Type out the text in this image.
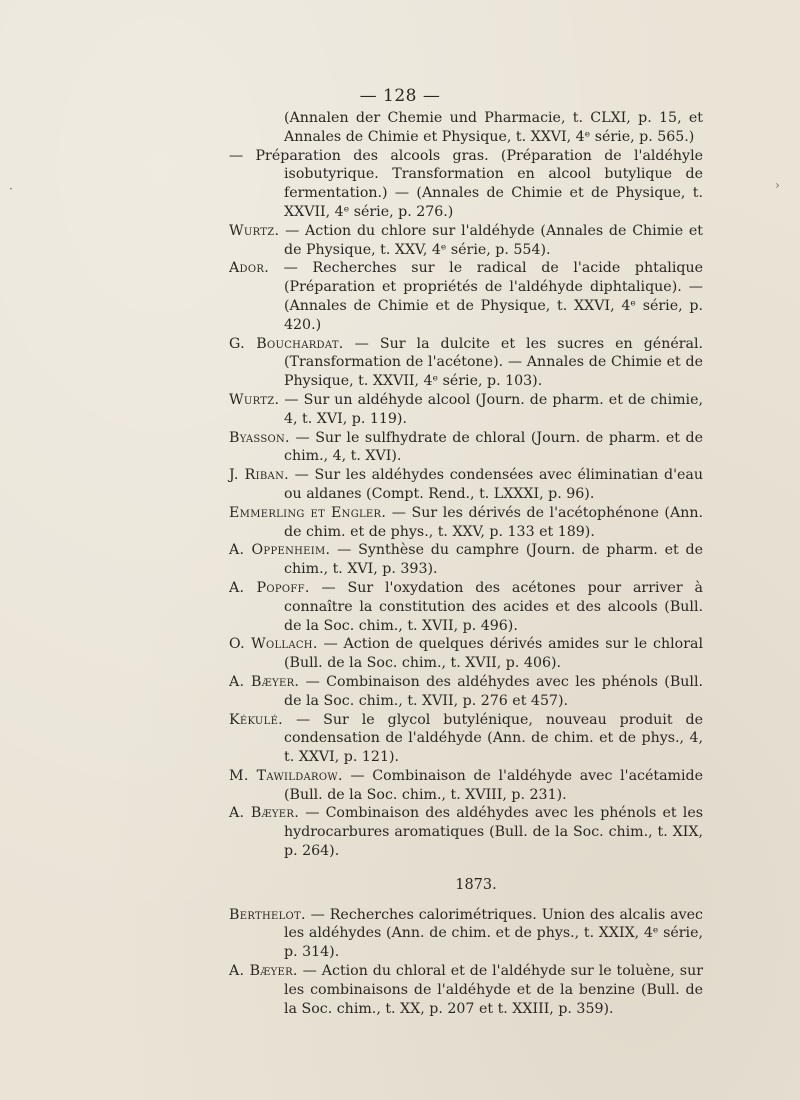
— 128 —

(Annalen der Chemie und Pharmacie, t. CLXI, p. 15, et Annales de Chimie et Physique, t. XXVI, 4ᵉ série, p. 565.)

— Préparation des alcools gras. (Préparation de l'aldéhyle isobutyrique. Transformation en alcool butylique de fermentation.) — (Annales de Chimie et de Physique, t. XXVII, 4ᵉ série, p. 276.)

Wurtz. — Action du chlore sur l'aldéhyde (Annales de Chimie et de Physique, t. XXV, 4ᵉ série, p. 554).

Ador. — Recherches sur le radical de l'acide phtalique (Préparation et propriétés de l'aldéhyde diphtalique). — (Annales de Chimie et de Physique, t. XXVI, 4ᵉ série, p. 420.)

G. Bouchardat. — Sur la dulcite et les sucres en général. (Transformation de l'acétone). — Annales de Chimie et de Physique, t. XXVII, 4ᵉ série, p. 103).

Wurtz. — Sur un aldéhyde alcool (Journ. de pharm. et de chimie, 4, t. XVI, p. 119).

Byasson. — Sur le sulfhydrate de chloral (Journ. de pharm. et de chim., 4, t. XVI).

J. Riban. — Sur les aldéhydes condensées avec éliminatian d'eau ou aldanes (Compt. Rend., t. LXXXI, p. 96).

Emmerling et Engler. — Sur les dérivés de l'acétophénone (Ann. de chim. et de phys., t. XXV, p. 133 et 189).

A. Oppenheim. — Synthèse du camphre (Journ. de pharm. et de chim., t. XVI, p. 393).

A. Popoff. — Sur l'oxydation des acétones pour arriver à connaître la constitution des acides et des alcools (Bull. de la Soc. chim., t. XVII, p. 496).

O. Wollach. — Action de quelques dérivés amides sur le chloral (Bull. de la Soc. chim., t. XVII, p. 406).

A. Bæyer. — Combinaison des aldéhydes avec les phénols (Bull. de la Soc. chim., t. XVII, p. 276 et 457).

Kékulé. — Sur le glycol butylénique, nouveau produit de condensation de l'aldéhyde (Ann. de chim. et de phys., 4, t. XXVI, p. 121).

M. Tawildarow. — Combinaison de l'aldéhyde avec l'acétamide (Bull. de la Soc. chim., t. XVIII, p. 231).

A. Bæyer. — Combinaison des aldéhydes avec les phénols et les hydrocarbures aromatiques (Bull. de la Soc. chim., t. XIX, p. 264).

1873.

Berthelot. — Recherches calorimétriques. Union des alcalis avec les aldéhydes (Ann. de chim. et de phys., t. XXIX, 4ᵉ série, p. 314).

A. Bæyer. — Action du chloral et de l'aldéhyde sur le toluène, sur les combinaisons de l'aldéhyde et de la benzine (Bull. de la Soc. chim., t. XX, p. 207 et t. XXIII, p. 359).

·	›
